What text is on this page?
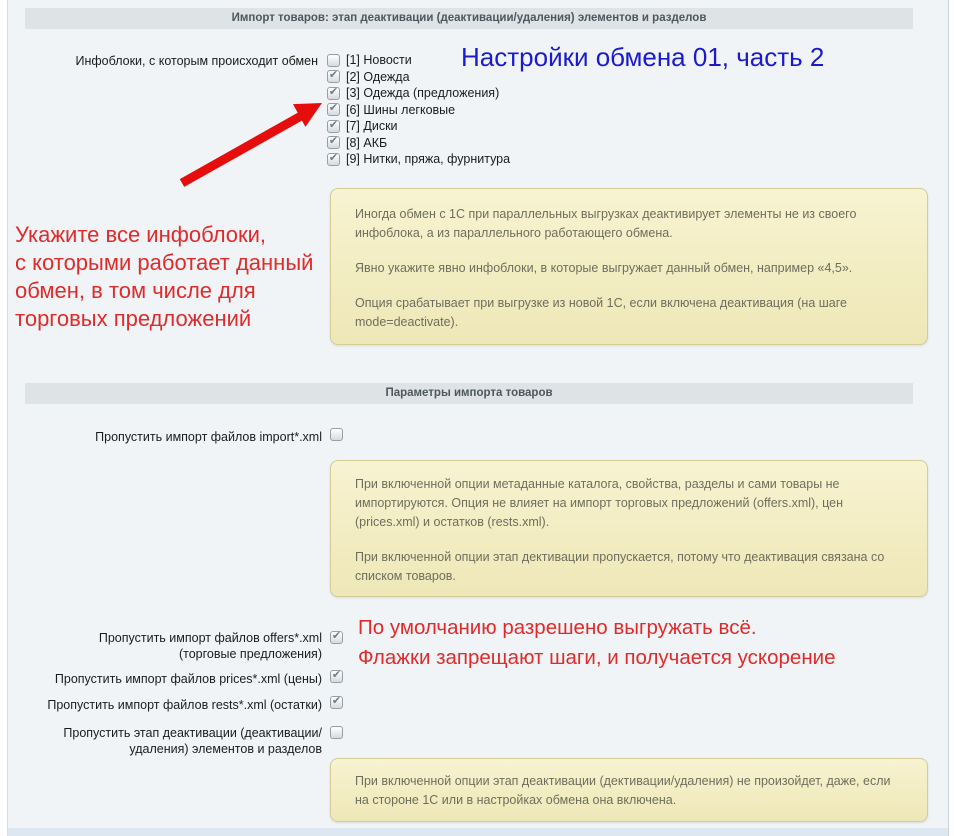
Импорт товаров: этап деактивации (деактивации/удаления) элементов и разделов
Инфоблоки, с которым происходит обмен [1] Новости
✔ [2] Одежда
✔ [3] Одежда (предложения)
✔ [6] Шины легковые
✔ [7] Диски
✔ [8] АКБ
✔ [9] Нитки, пряжа, фурнитура
Настройки обмена 01, часть 2
Укажите все инфоблоки,
с которыми работает данный
обмен, в том числе для
торговых предложений

Иногда обмен с 1С при параллельных выгрузках деактивирует элементы не из своего инфоблока, а из параллельного работающего обмена.

Явно укажите явно инфоблоки, в которые выгружает данный обмен, например «4,5».

Опция срабатывает при выгрузке из новой 1С, если включена деактивация (на шаге mode=deactivate).

Параметры импорта товаров
Пропустить импорт файлов import*.xml

При включенной опции метаданные каталога, свойства, разделы и сами товары не импортируются. Опция не влияет на импорт торговых предложений (offers.xml), цен (prices.xml) и остатков (rests.xml).

При включенной опции этап дективации пропускается, потому что деактивация связана со списком товаров.

Пропустить импорт файлов offers*.xml
(торговые предложения)
✔ По умолчанию разрешено выгружать всё.
Флажки запрещают шаги, и получается ускорение
Пропустить импорт файлов prices*.xml (цены) ✔
Пропустить импорт файлов rests*.xml (остатки) ✔
Пропустить этап деактивации (деактивации/
удаления) элементов и разделов

При включенной опции этап деактивации (дективации/удаления) не произойдет, даже, если на стороне 1С или в настройках обмена она включена.
